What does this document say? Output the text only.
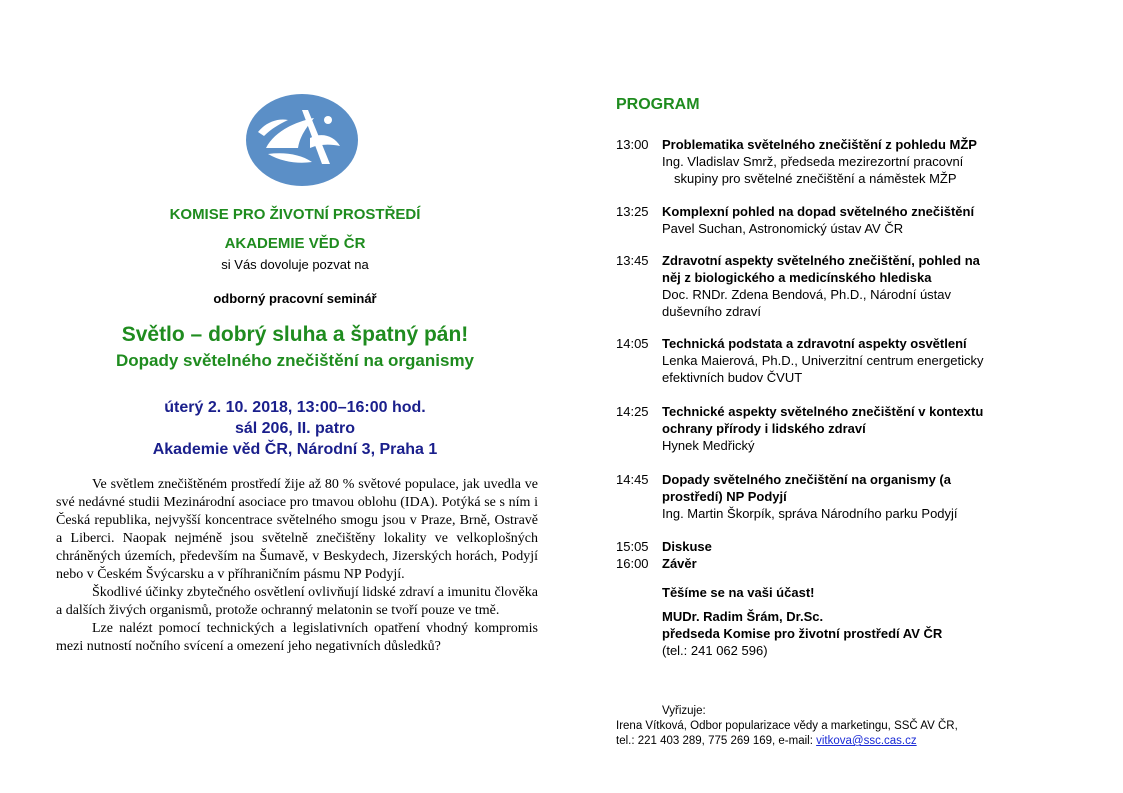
KOMISE PRO ŽIVOTNÍ PROSTŘEDÍ
AKADEMIE VĚD ČR
si Vás dovoluje pozvat na
odborný pracovní seminář
Světlo – dobrý sluha a špatný pán!
Dopady světelného znečištění na organismy
úterý 2. 10. 2018, 13:00–16:00 hod.
sál 206, II. patro
Akademie věd ČR, Národní 3, Praha 1

Ve světlem znečištěném prostředí žije až 80 % světové populace, jak uvedla ve své nedávné studii Mezinárodní asociace pro tmavou oblohu (IDA). Potýká se s ním i Česká republika, nejvyšší koncentrace světelného smogu jsou v Praze, Brně, Ostravě a Liberci. Naopak nejméně jsou světelně znečištěny lokality ve velkoplošných chráněných územích, především na Šumavě, v Beskydech, Jizerských horách, Podyjí nebo v Českém Švýcarsku a v příhraničním pásmu NP Podyjí.

Škodlivé účinky zbytečného osvětlení ovlivňují lidské zdraví a imunitu člověka a dalších živých organismů, protože ochranný melatonin se tvoří pouze ve tmě.

Lze nalézt pomocí technických a legislativních opatření vhodný kompromis mezi nutností nočního svícení a omezení jeho negativních důsledků?

PROGRAM
13:00	Problematika světelného znečištění z pohledu MŽP
Ing. Vladislav Smrž, předseda mezirezortní pracovní
skupiny pro světelné znečištění a náměstek MŽP
13:25	Komplexní pohled na dopad světelného znečištění
Pavel Suchan, Astronomický ústav AV ČR
13:45	Zdravotní aspekty světelného znečištění, pohled na
něj z biologického a medicínského hlediska
Doc. RNDr. Zdena Bendová, Ph.D., Národní ústav
duševního zdraví
14:05	Technická podstata a zdravotní aspekty osvětlení
Lenka Maierová, Ph.D., Univerzitní centrum energeticky
efektivních budov ČVUT
14:25	Technické aspekty světelného znečištění v kontextu
ochrany přírody i lidského zdraví
Hynek Medřický
14:45	Dopady světelného znečištění na organismy (a
prostředí) NP Podyjí
Ing. Martin Škorpík, správa Národního parku Podyjí
15:05	Diskuse
16:00	Závěr
Těšíme se na vaši účast!
MUDr. Radim Šrám, Dr.Sc.
předseda Komise pro životní prostředí AV ČR
(tel.: 241 062 596)
Vyřizuje:
Irena Vítková, Odbor popularizace vědy a marketingu, SSČ AV ČR,
tel.: 221 403 289, 775 269 169, e-mail: vitkova@ssc.cas.cz
